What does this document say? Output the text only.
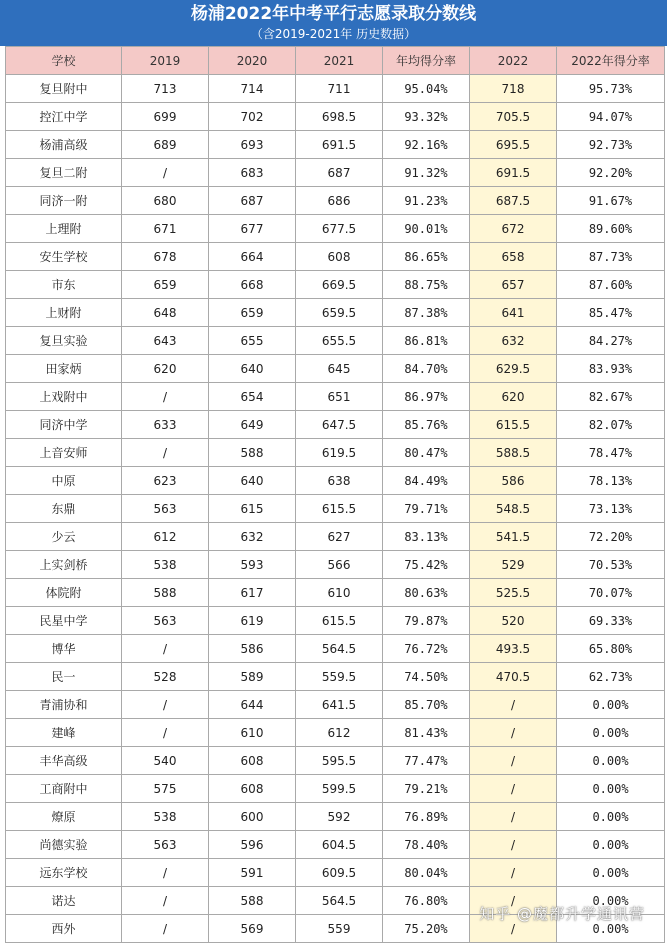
杨浦2022年中考平行志愿录取分数线
（含2019-2021年 历史数据）
学校	2019	2020	2021	年均得分率	2022	2022年得分率
复旦附中	713	714	711	95.04%	718	95.73%
控江中学	699	702	698.5	93.32%	705.5	94.07%
杨浦高级	689	693	691.5	92.16%	695.5	92.73%
复旦二附	/	683	687	91.32%	691.5	92.20%
同济一附	680	687	686	91.23%	687.5	91.67%
上理附	671	677	677.5	90.01%	672	89.60%
安生学校	678	664	608	86.65%	658	87.73%
市东	659	668	669.5	88.75%	657	87.60%
上财附	648	659	659.5	87.38%	641	85.47%
复旦实验	643	655	655.5	86.81%	632	84.27%
田家炳	620	640	645	84.70%	629.5	83.93%
上戏附中	/	654	651	86.97%	620	82.67%
同济中学	633	649	647.5	85.76%	615.5	82.07%
上音安师	/	588	619.5	80.47%	588.5	78.47%
中原	623	640	638	84.49%	586	78.13%
东鼎	563	615	615.5	79.71%	548.5	73.13%
少云	612	632	627	83.13%	541.5	72.20%
上实剑桥	538	593	566	75.42%	529	70.53%
体院附	588	617	610	80.63%	525.5	70.07%
民星中学	563	619	615.5	79.87%	520	69.33%
博华	/	586	564.5	76.72%	493.5	65.80%
民一	528	589	559.5	74.50%	470.5	62.73%
青浦协和	/	644	641.5	85.70%	/	0.00%
建峰	/	610	612	81.43%	/	0.00%
丰华高级	540	608	595.5	77.47%	/	0.00%
工商附中	575	608	599.5	79.21%	/	0.00%
燎原	538	600	592	76.89%	/	0.00%
尚德实验	563	596	604.5	78.40%	/	0.00%
远东学校	/	591	609.5	80.04%	/	0.00%
诺达	/	588	564.5	76.80%	/	0.00%
西外	/	569	559	75.20%	/	0.00%
知乎 @魔都升学通讯营
